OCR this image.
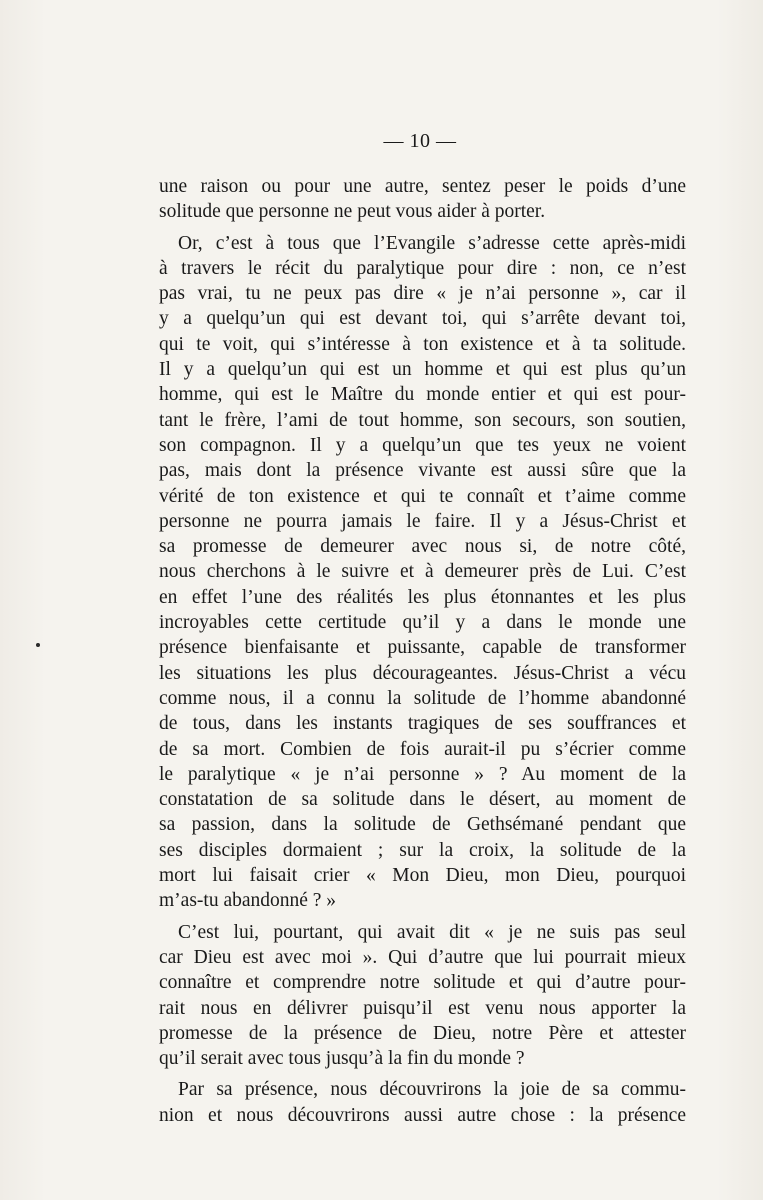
— 10 —

une raison ou pour une autre, sentez peser le poids d’une
solitude que personne ne peut vous aider à porter.

Or, c’est à tous que l’Evangile s’adresse cette après-midi
à travers le récit du paralytique pour dire : non, ce n’est
pas vrai, tu ne peux pas dire « je n’ai personne », car il
y a quelqu’un qui est devant toi, qui s’arrête devant toi,
qui te voit, qui s’intéresse à ton existence et à ta solitude.
Il y a quelqu’un qui est un homme et qui est plus qu’un
homme, qui est le Maître du monde entier et qui est pour-
tant le frère, l’ami de tout homme, son secours, son soutien,
son compagnon. Il y a quelqu’un que tes yeux ne voient
pas, mais dont la présence vivante est aussi sûre que la
vérité de ton existence et qui te connaît et t’aime comme
personne ne pourra jamais le faire. Il y a Jésus-Christ et
sa promesse de demeurer avec nous si, de notre côté,
nous cherchons à le suivre et à demeurer près de Lui. C’est
en effet l’une des réalités les plus étonnantes et les plus
incroyables cette certitude qu’il y a dans le monde une
présence bienfaisante et puissante, capable de transformer
les situations les plus décourageantes. Jésus-Christ a vécu
comme nous, il a connu la solitude de l’homme abandonné
de tous, dans les instants tragiques de ses souffrances et
de sa mort. Combien de fois aurait-il pu s’écrier comme
le paralytique « je n’ai personne » ? Au moment de la
constatation de sa solitude dans le désert, au moment de
sa passion, dans la solitude de Gethsémané pendant que
ses disciples dormaient ; sur la croix, la solitude de la
mort lui faisait crier « Mon Dieu, mon Dieu, pourquoi
m’as-tu abandonné ? »

C’est lui, pourtant, qui avait dit « je ne suis pas seul
car Dieu est avec moi ». Qui d’autre que lui pourrait mieux
connaître et comprendre notre solitude et qui d’autre pour-
rait nous en délivrer puisqu’il est venu nous apporter la
promesse de la présence de Dieu, notre Père et attester
qu’il serait avec tous jusqu’à la fin du monde ?

Par sa présence, nous découvrirons la joie de sa commu-
nion et nous découvrirons aussi autre chose : la présence
